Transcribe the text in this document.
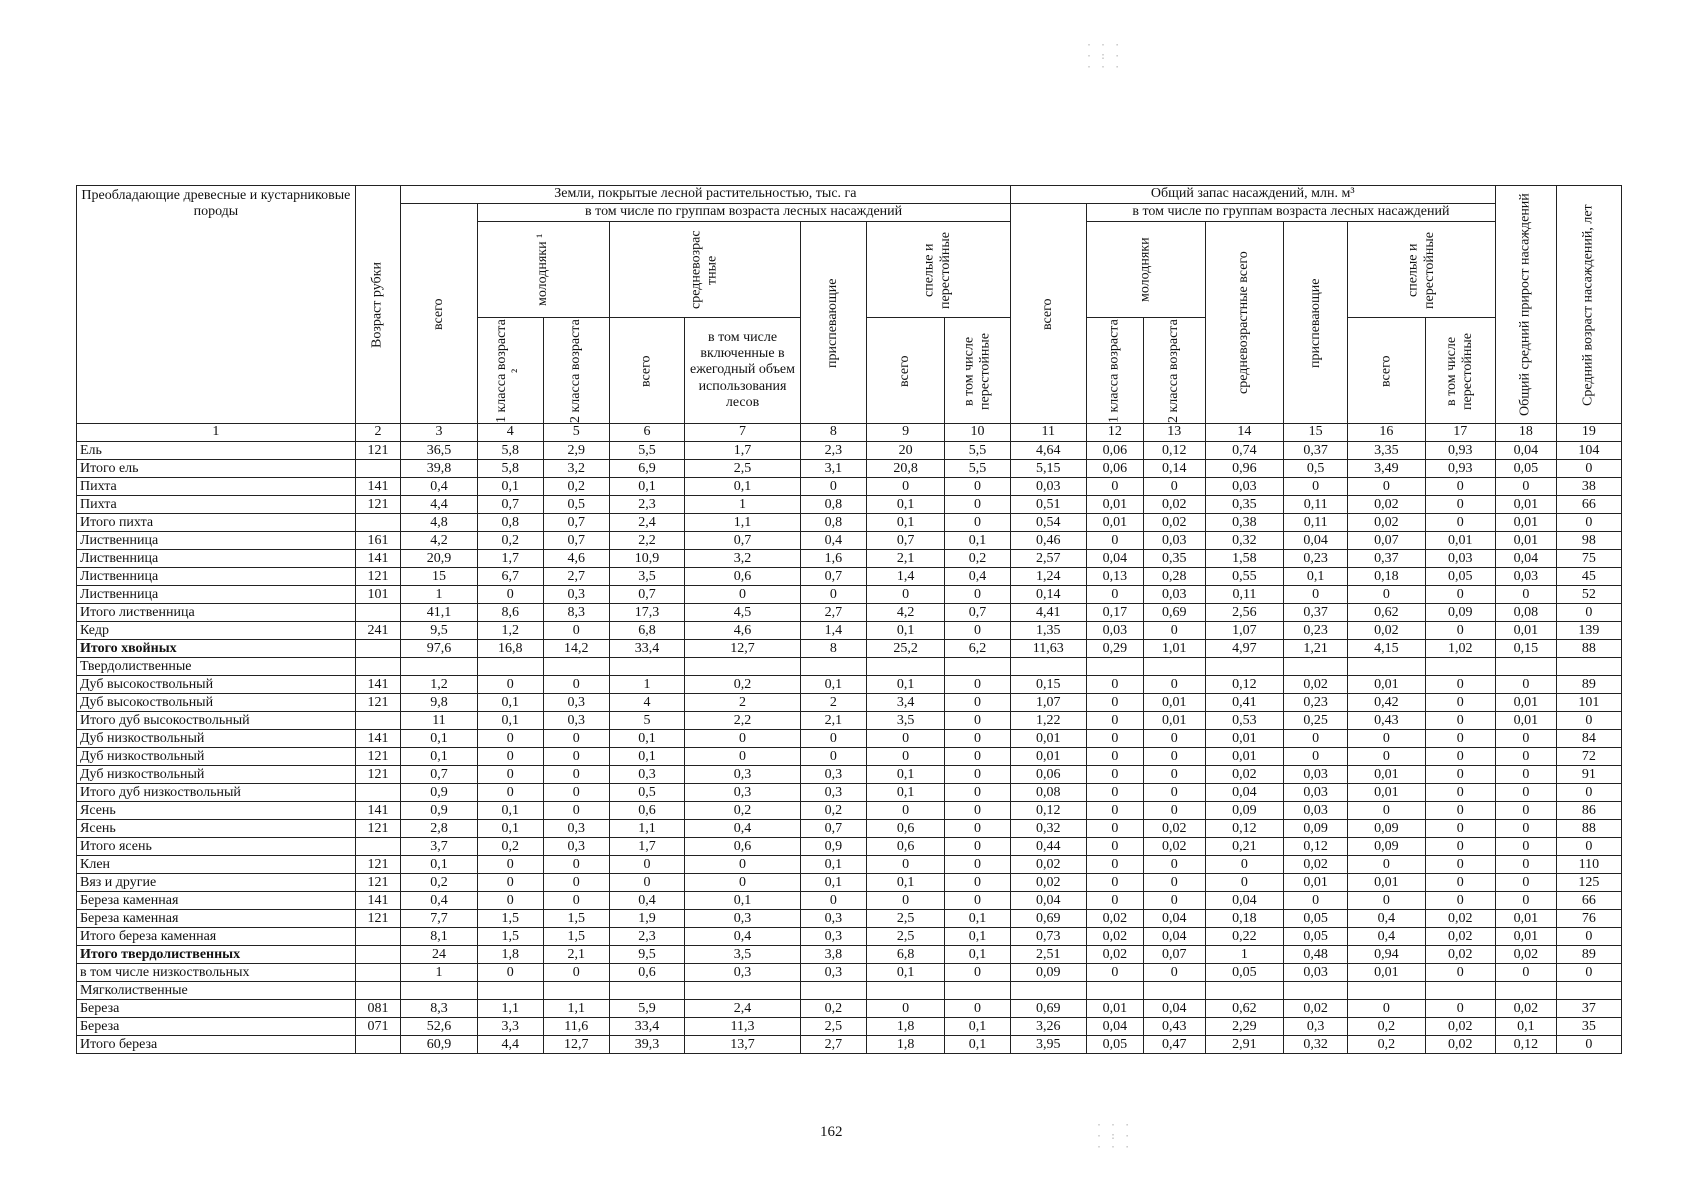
Преобладающие древесные и кустарниковые породы	Возраст рубки	Земли, покрытые лесной растительностью, тыс. га								Общий запас насаждений, млн. м³							Общий средний прирост насаждений	Средний возраст насаждений, лет
		всего	в том числе по группам возраста лесных насаждений							всего	в том числе по группам возраста лесных насаждений							
			молодняки ¹		средневозрас тные		приспевающие	спелые и перестойные			молодняки		средневозрастные всего	приспевающие	спелые и перестойные			
			1 класса возраста ²	2 класса возраста	всего	в том числе включенные в ежегодный объем использования лесов		всего	в том числе перестойные		1 класса возраста	2 класса возраста			всего	в том числе перестойные		
1	2	3	4	5	6	7	8	9	10	11	12	13	14	15	16	17	18	19
Ель	121	36,5	5,8	2,9	5,5	1,7	2,3	20	5,5	4,64	0,06	0,12	0,74	0,37	3,35	0,93	0,04	104
Итого ель		39,8	5,8	3,2	6,9	2,5	3,1	20,8	5,5	5,15	0,06	0,14	0,96	0,5	3,49	0,93	0,05	0
Пихта	141	0,4	0,1	0,2	0,1	0,1	0	0	0	0,03	0	0	0,03	0	0	0	0	38
Пихта	121	4,4	0,7	0,5	2,3	1	0,8	0,1	0	0,51	0,01	0,02	0,35	0,11	0,02	0	0,01	66
Итого пихта		4,8	0,8	0,7	2,4	1,1	0,8	0,1	0	0,54	0,01	0,02	0,38	0,11	0,02	0	0,01	0
Лиственница	161	4,2	0,2	0,7	2,2	0,7	0,4	0,7	0,1	0,46	0	0,03	0,32	0,04	0,07	0,01	0,01	98
Лиственница	141	20,9	1,7	4,6	10,9	3,2	1,6	2,1	0,2	2,57	0,04	0,35	1,58	0,23	0,37	0,03	0,04	75
Лиственница	121	15	6,7	2,7	3,5	0,6	0,7	1,4	0,4	1,24	0,13	0,28	0,55	0,1	0,18	0,05	0,03	45
Лиственница	101	1	0	0,3	0,7	0	0	0	0	0,14	0	0,03	0,11	0	0	0	0	52
Итого лиственница		41,1	8,6	8,3	17,3	4,5	2,7	4,2	0,7	4,41	0,17	0,69	2,56	0,37	0,62	0,09	0,08	0
Кедр	241	9,5	1,2	0	6,8	4,6	1,4	0,1	0	1,35	0,03	0	1,07	0,23	0,02	0	0,01	139
Итого хвойных		97,6	16,8	14,2	33,4	12,7	8	25,2	6,2	11,63	0,29	1,01	4,97	1,21	4,15	1,02	0,15	88
Твердолиственные																		
Дуб высокоствольный	141	1,2	0	0	1	0,2	0,1	0,1	0	0,15	0	0	0,12	0,02	0,01	0	0	89
Дуб высокоствольный	121	9,8	0,1	0,3	4	2	2	3,4	0	1,07	0	0,01	0,41	0,23	0,42	0	0,01	101
Итого дуб высокоствольный		11	0,1	0,3	5	2,2	2,1	3,5	0	1,22	0	0,01	0,53	0,25	0,43	0	0,01	0
Дуб низкоствольный	141	0,1	0	0	0,1	0	0	0	0	0,01	0	0	0,01	0	0	0	0	84
Дуб низкоствольный	121	0,1	0	0	0,1	0	0	0	0	0,01	0	0	0,01	0	0	0	0	72
Дуб низкоствольный	121	0,7	0	0	0,3	0,3	0,3	0,1	0	0,06	0	0	0,02	0,03	0,01	0	0	91
Итого дуб низкоствольный		0,9	0	0	0,5	0,3	0,3	0,1	0	0,08	0	0	0,04	0,03	0,01	0	0	0
Ясень	141	0,9	0,1	0	0,6	0,2	0,2	0	0	0,12	0	0	0,09	0,03	0	0	0	86
Ясень	121	2,8	0,1	0,3	1,1	0,4	0,7	0,6	0	0,32	0	0,02	0,12	0,09	0,09	0	0	88
Итого ясень		3,7	0,2	0,3	1,7	0,6	0,9	0,6	0	0,44	0	0,02	0,21	0,12	0,09	0	0	0
Клен	121	0,1	0	0	0	0	0,1	0	0	0,02	0	0	0	0,02	0	0	0	110
Вяз и другие	121	0,2	0	0	0	0	0,1	0,1	0	0,02	0	0	0	0,01	0,01	0	0	125
Береза каменная	141	0,4	0	0	0,4	0,1	0	0	0	0,04	0	0	0,04	0	0	0	0	66
Береза каменная	121	7,7	1,5	1,5	1,9	0,3	0,3	2,5	0,1	0,69	0,02	0,04	0,18	0,05	0,4	0,02	0,01	76
Итого береза каменная		8,1	1,5	1,5	2,3	0,4	0,3	2,5	0,1	0,73	0,02	0,04	0,22	0,05	0,4	0,02	0,01	0
Итого твердолиственных		24	1,8	2,1	9,5	3,5	3,8	6,8	0,1	2,51	0,02	0,07	1	0,48	0,94	0,02	0,02	89
в том числе низкоствольных		1	0	0	0,6	0,3	0,3	0,1	0	0,09	0	0	0,05	0,03	0,01	0	0	0
Мягколиственные																		
Береза	081	8,3	1,1	1,1	5,9	2,4	0,2	0	0	0,69	0,01	0,04	0,62	0,02	0	0	0,02	37
Береза	071	52,6	3,3	11,6	33,4	11,3	2,5	1,8	0,1	3,26	0,04	0,43	2,29	0,3	0,2	0,02	0,1	35
Итого береза		60,9	4,4	12,7	39,3	13,7	2,7	1,8	0,1	3,95	0,05	0,47	2,91	0,32	0,2	0,02	0,12	0
162
· · ·
· : ·
· · ·
· · ·
· : ·
· · ·
